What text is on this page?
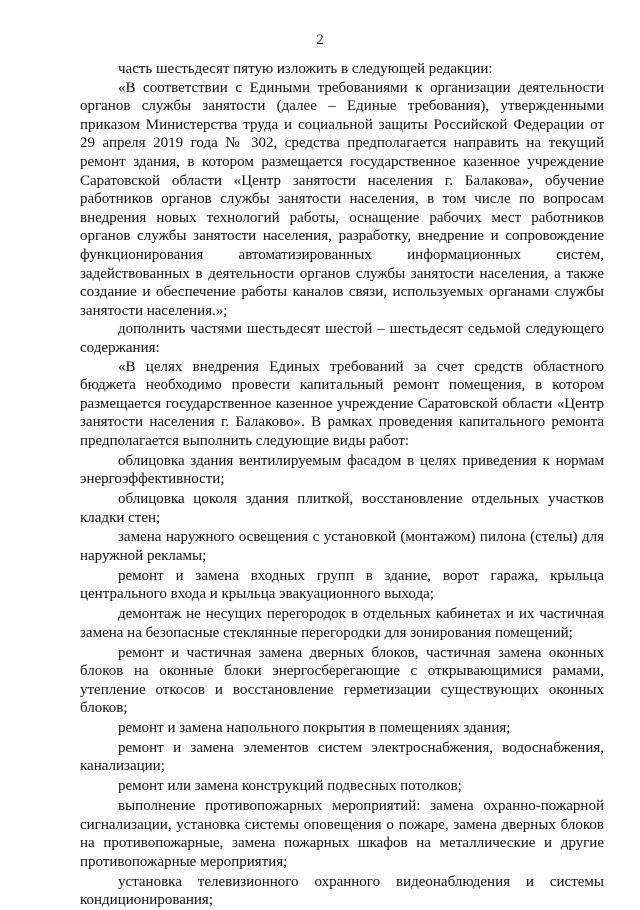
2

часть шестьдесят пятую изложить в следующей редакции:

«В соответствии с Едиными требованиями к организации деятельности органов службы занятости (далее – Единые требования), утвержденными приказом Министерства труда и социальной защиты Российской Федерации от 29 апреля 2019 года № 302, средства предполагается направить на текущий ремонт здания, в котором размещается государственное казенное учреждение Саратовской области «Центр занятости населения г. Балакова», обучение работников органов службы занятости населения, в том числе по вопросам внедрения новых технологий работы, оснащение рабочих мест работников органов службы занятости населения, разработку, внедрение и сопровождение функционирования автоматизированных информационных систем, задействованных в деятельности органов службы занятости населения, а также создание и обеспечение работы каналов связи, используемых органами службы занятости населения.»;

дополнить частями шестьдесят шестой – шестьдесят седьмой следующего содержания:

«В целях внедрения Единых требований за счет средств областного бюджета необходимо провести капитальный ремонт помещения, в котором размещается государственное казенное учреждение Саратовской области «Центр занятости населения г. Балаково». В рамках проведения капитального ремонта предполагается выполнить следующие виды работ:

облицовка здания вентилируемым фасадом в целях приведения к нормам энергоэффективности;

облицовка цоколя здания плиткой, восстановление отдельных участков кладки стен;

замена наружного освещения с установкой (монтажом) пилона (стелы) для наружной рекламы;

ремонт и замена входных групп в здание, ворот гаража, крыльца центрального входа и крыльца эвакуационного выхода;

демонтаж не несущих перегородок в отдельных кабинетах и их частичная замена на безопасные стеклянные перегородки для зонирования помещений;

ремонт и частичная замена дверных блоков, частичная замена оконных блоков на оконные блоки энергосберегающие с открывающимися рамами, утепление откосов и восстановление герметизации существующих оконных блоков;

ремонт и замена напольного покрытия в помещениях здания;

ремонт и замена элементов систем электроснабжения, водоснабжения, канализации;

ремонт или замена конструкций подвесных потолков;

выполнение противопожарных мероприятий: замена охранно-пожарной сигнализации, установка системы оповещения о пожаре, замена дверных блоков на противопожарные, замена пожарных шкафов на металлические и другие противопожарные мероприятия;

установка телевизионного охранного видеонаблюдения и системы кондиционирования;
